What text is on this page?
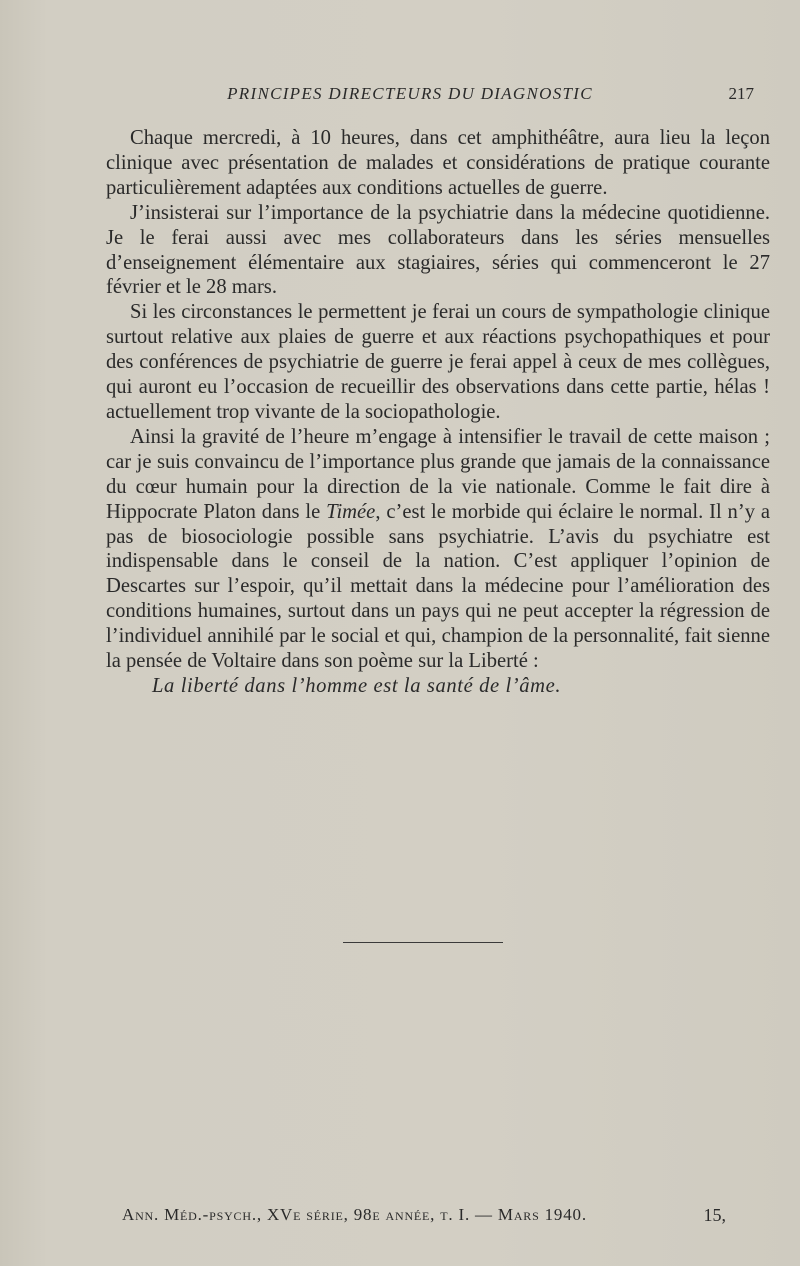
PRINCIPES DIRECTEURS DU DIAGNOSTIC	217

Chaque mercredi, à 10 heures, dans cet amphithéâtre, aura lieu la leçon clinique avec présentation de malades et considérations de pratique courante particulièrement adaptées aux conditions actuelles de guerre.

J’insisterai sur l’importance de la psychiatrie dans la médecine quotidienne. Je le ferai aussi avec mes collaborateurs dans les séries mensuelles d’enseignement élémentaire aux stagiaires, séries qui commenceront le 27 février et le 28 mars.

Si les circonstances le permettent je ferai un cours de sympathologie clinique surtout relative aux plaies de guerre et aux réactions psychopathiques et pour des conférences de psychiatrie de guerre je ferai appel à ceux de mes collègues, qui auront eu l’occasion de recueillir des observations dans cette partie, hélas ! actuellement trop vivante de la sociopathologie.

Ainsi la gravité de l’heure m’engage à intensifier le travail de cette maison ; car je suis convaincu de l’importance plus grande que jamais de la connaissance du cœur humain pour la direction de la vie nationale. Comme le fait dire à Hippocrate Platon dans le Timée, c’est le morbide qui éclaire le normal. Il n’y a pas de biosociologie possible sans psychiatrie. L’avis du psychiatre est indispensable dans le conseil de la nation. C’est appliquer l’opinion de Descartes sur l’espoir, qu’il mettait dans la médecine pour l’amélioration des conditions humaines, surtout dans un pays qui ne peut accepter la régression de l’individuel annihilé par le social et qui, champion de la personnalité, fait sienne la pensée de Voltaire dans son poème sur la Liberté :

La liberté dans l’homme est la santé de l’âme.

Ann. Méd.-psych., XVe série, 98e année, t. I. — Mars 1940.	15,
